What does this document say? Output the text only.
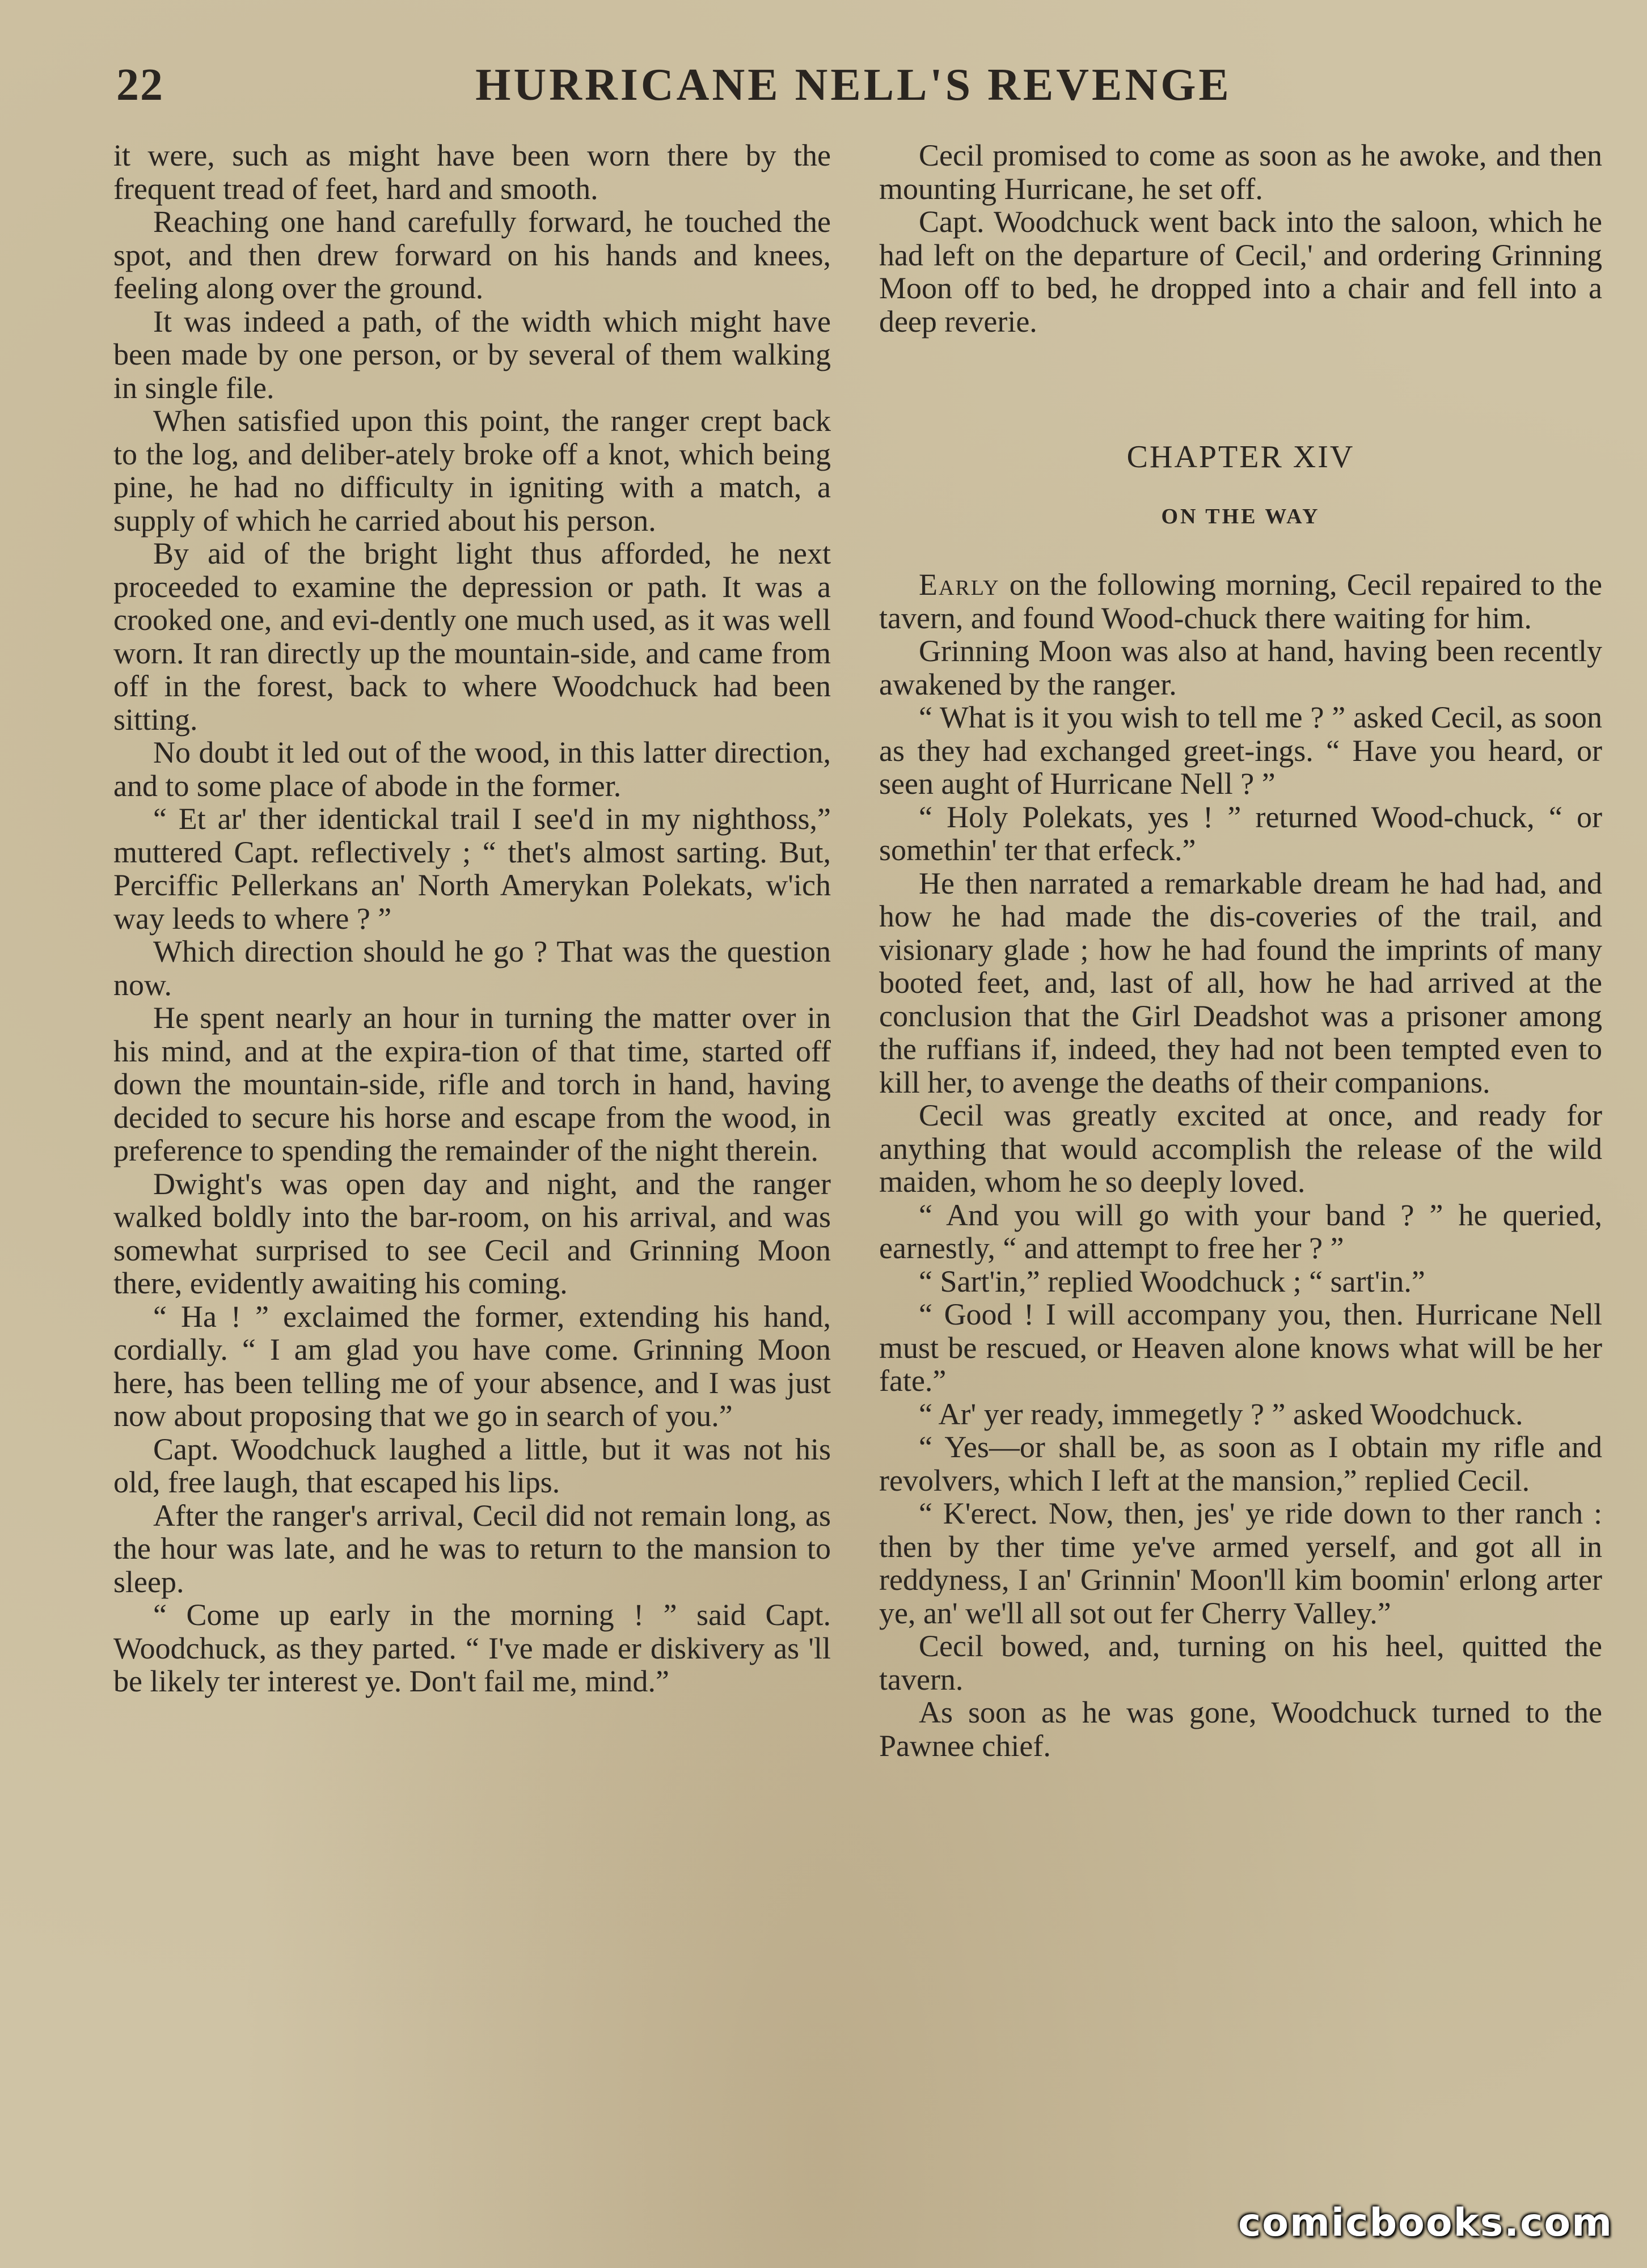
22	HURRICANE NELL'S REVENGE

it were, such as might have been worn there by the frequent tread of feet, hard and smooth.

Reaching one hand carefully forward, he touched the spot, and then drew forward on his hands and knees, feeling along over the ground.

It was indeed a path, of the width which might have been made by one person, or by several of them walking in single file.

When satisfied upon this point, the ranger crept back to the log, and deliber-ately broke off a knot, which being pine, he had no difficulty in igniting with a match, a supply of which he carried about his person.

By aid of the bright light thus afforded, he next proceeded to examine the depression or path. It was a crooked one, and evi-dently one much used, as it was well worn. It ran directly up the mountain-side, and came from off in the forest, back to where Woodchuck had been sitting.

No doubt it led out of the wood, in this latter direction, and to some place of abode in the former.

“ Et ar' ther identickal trail I see'd in my nighthoss,” muttered Capt. reflectively ; “ thet's almost sarting. But, Perciffic Pellerkans an' North Amerykan Polekats, w'ich way leeds to where ? ”

Which direction should he go ? That was the question now.

He spent nearly an hour in turning the matter over in his mind, and at the expira-tion of that time, started off down the mountain-side, rifle and torch in hand, having decided to secure his horse and escape from the wood, in preference to spending the remainder of the night therein.

Dwight's was open day and night, and the ranger walked boldly into the bar-room, on his arrival, and was somewhat surprised to see Cecil and Grinning Moon there, evidently awaiting his coming.

“ Ha ! ” exclaimed the former, extending his hand, cordially. “ I am glad you have come. Grinning Moon here, has been telling me of your absence, and I was just now about proposing that we go in search of you.”

Capt. Woodchuck laughed a little, but it was not his old, free laugh, that escaped his lips.

After the ranger's arrival, Cecil did not remain long, as the hour was late, and he was to return to the mansion to sleep.

“ Come up early in the morning ! ” said Capt. Woodchuck, as they parted. “ I've made er diskivery as 'll be likely ter interest ye. Don't fail me, mind.”

Cecil promised to come as soon as he awoke, and then mounting Hurricane, he set off.

Capt. Woodchuck went back into the saloon, which he had left on the departure of Cecil,' and ordering Grinning Moon off to bed, he dropped into a chair and fell into a deep reverie.

CHAPTER XIV
ON THE WAY

Early on the following morning, Cecil repaired to the tavern, and found Wood-chuck there waiting for him.

Grinning Moon was also at hand, having been recently awakened by the ranger.

“ What is it you wish to tell me ? ” asked Cecil, as soon as they had exchanged greet-ings. “ Have you heard, or seen aught of Hurricane Nell ? ”

“ Holy Polekats, yes ! ” returned Wood-chuck, “ or somethin' ter that erfeck.”

He then narrated a remarkable dream he had had, and how he had made the dis-coveries of the trail, and visionary glade ; how he had found the imprints of many booted feet, and, last of all, how he had arrived at the conclusion that the Girl Deadshot was a prisoner among the ruffians if, indeed, they had not been tempted even to kill her, to avenge the deaths of their companions.

Cecil was greatly excited at once, and ready for anything that would accomplish the release of the wild maiden, whom he so deeply loved.

“ And you will go with your band ? ” he queried, earnestly, “ and attempt to free her ? ”

“ Sart'in,” replied Woodchuck ; “ sart'in.”

“ Good ! I will accompany you, then. Hurricane Nell must be rescued, or Heaven alone knows what will be her fate.”

“ Ar' yer ready, immegetly ? ” asked Woodchuck.

“ Yes—or shall be, as soon as I obtain my rifle and revolvers, which I left at the mansion,” replied Cecil.

“ K'erect. Now, then, jes' ye ride down to ther ranch : then by ther time ye've armed yerself, and got all in reddyness, I an' Grinnin' Moon'll kim boomin' erlong arter ye, an' we'll all sot out fer Cherry Valley.”

Cecil bowed, and, turning on his heel, quitted the tavern.

As soon as he was gone, Woodchuck turned to the Pawnee chief.

comicbooks.com
